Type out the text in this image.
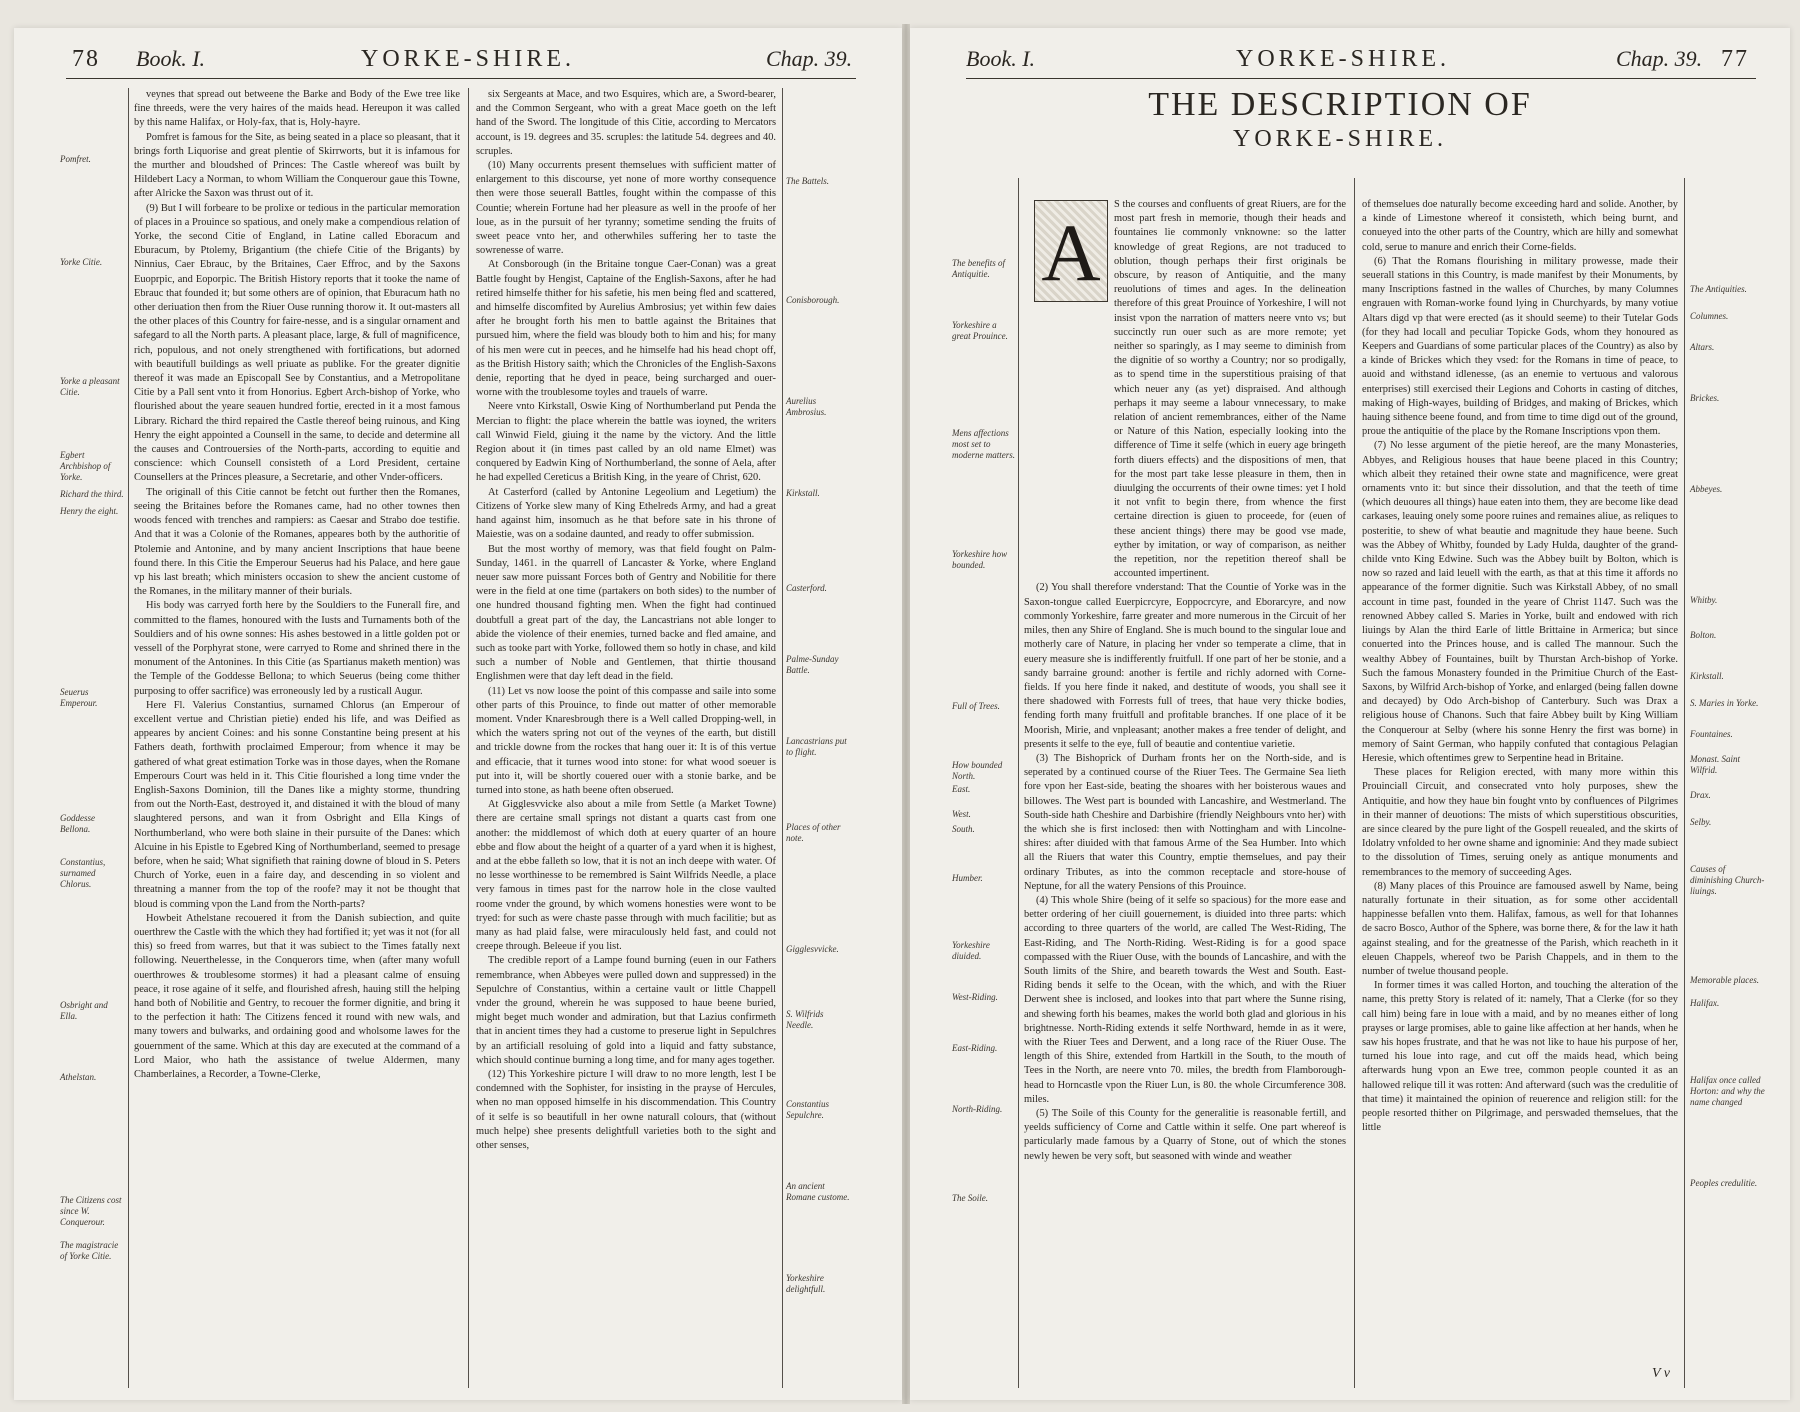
78 Book. I.	YORKE-SHIRE.	Chap. 39.
Pomfret.
Yorke Citie.
Yorke a pleasant Citie.
Egbert Archbishop of Yorke.
Richard the third.
Henry the eight.
Seuerus Emperour.
Goddesse Bellona.
Constantius, surnamed Chlorus.
Osbright and Ella.
Athelstan.
The Citizens cost since W. Conquerour.
The magistracie of Yorke Citie.

veynes that spread out betweene the Barke and Body of the Ewe tree like fine threeds, were the very haires of the maids head. Hereupon it was called by this name Halifax, or Holy-fax, that is, Holy-hayre.

Pomfret is famous for the Site, as being seated in a place so pleasant, that it brings forth Liquorise and great plentie of Skirrworts, but it is infamous for the murther and bloudshed of Princes: The Castle whereof was built by Hildebert Lacy a Norman, to whom William the Conquerour gaue this Towne, after Alricke the Saxon was thrust out of it.

(9) But I will forbeare to be prolixe or tedious in the particular memoration of places in a Prouince so spatious, and onely make a compendious relation of Yorke, the second Citie of England, in Latine called Eboracum and Eburacum, by Ptolemy, Brigantium (the chiefe Citie of the Brigants) by Ninnius, Caer Ebrauc, by the Britaines, Caer Effroc, and by the Saxons Euoprpic, and Eoporpic. The British History reports that it tooke the name of Ebrauc that founded it; but some others are of opinion, that Eburacum hath no other deriuation then from the Riuer Ouse running thorow it. It out-masters all the other places of this Country for faire-nesse, and is a singular ornament and safegard to all the North parts. A pleasant place, large, & full of magnificence, rich, populous, and not onely strengthened with fortifications, but adorned with beautifull buildings as well priuate as publike. For the greater dignitie thereof it was made an Episcopall See by Constantius, and a Metropolitane Citie by a Pall sent vnto it from Honorius. Egbert Arch-bishop of Yorke, who flourished about the yeare seauen hundred fortie, erected in it a most famous Library. Richard the third repaired the Castle thereof being ruinous, and King Henry the eight appointed a Counsell in the same, to decide and determine all the causes and Controuersies of the North-parts, according to equitie and conscience: which Counsell consisteth of a Lord President, certaine Counsellers at the Princes pleasure, a Secretarie, and other Vnder-officers.

The originall of this Citie cannot be fetcht out further then the Romanes, seeing the Britaines before the Romanes came, had no other townes then woods fenced with trenches and rampiers: as Caesar and Strabo doe testifie. And that it was a Colonie of the Romanes, appeares both by the authoritie of Ptolemie and Antonine, and by many ancient Inscriptions that haue beene found there. In this Citie the Emperour Seuerus had his Palace, and here gaue vp his last breath; which ministers occasion to shew the ancient custome of the Romanes, in the military manner of their burials.

His body was carryed forth here by the Souldiers to the Funerall fire, and committed to the flames, honoured with the Iusts and Turnaments both of the Souldiers and of his owne sonnes: His ashes bestowed in a little golden pot or vessell of the Porphyrat stone, were carryed to Rome and shrined there in the monument of the Antonines. In this Citie (as Spartianus maketh mention) was the Temple of the Goddesse Bellona; to which Seuerus (being come thither purposing to offer sacrifice) was erroneously led by a rusticall Augur.

Here Fl. Valerius Constantius, surnamed Chlorus (an Emperour of excellent vertue and Christian pietie) ended his life, and was Deified as appeares by ancient Coines: and his sonne Constantine being present at his Fathers death, forthwith proclaimed Emperour; from whence it may be gathered of what great estimation Torke was in those dayes, when the Romane Emperours Court was held in it. This Citie flourished a long time vnder the English-Saxons Dominion, till the Danes like a mighty storme, thundring from out the North-East, destroyed it, and distained it with the bloud of many slaughtered persons, and wan it from Osbright and Ella Kings of Northumberland, who were both slaine in their pursuite of the Danes: which Alcuine in his Epistle to Egebred King of Northumberland, seemed to presage before, when he said; What signifieth that raining downe of bloud in S. Peters Church of Yorke, euen in a faire day, and descending in so violent and threatning a manner from the top of the roofe? may it not be thought that bloud is comming vpon the Land from the North-parts?

Howbeit Athelstane recouered it from the Danish subiection, and quite ouerthrew the Castle with the which they had fortified it; yet was it not (for all this) so freed from warres, but that it was subiect to the Times fatally next following. Neuerthelesse, in the Conquerors time, when (after many wofull ouerthrowes & troublesome stormes) it had a pleasant calme of ensuing peace, it rose againe of it selfe, and flourished afresh, hauing still the helping hand both of Nobilitie and Gentry, to recouer the former dignitie, and bring it to the perfection it hath: The Citizens fenced it round with new wals, and many towers and bulwarks, and ordaining good and wholsome lawes for the gouernment of the same. Which at this day are executed at the command of a Lord Maior, who hath the assistance of twelue Aldermen, many Chamberlaines, a Recorder, a Towne-Clerke,

six Sergeants at Mace, and two Esquires, which are, a Sword-bearer, and the Common Sergeant, who with a great Mace goeth on the left hand of the Sword. The longitude of this Citie, according to Mercators account, is 19. degrees and 35. scruples: the latitude 54. degrees and 40. scruples.

(10) Many occurrents present themselues with sufficient matter of enlargement to this discourse, yet none of more worthy consequence then were those seuerall Battles, fought within the compasse of this Countie; wherein Fortune had her pleasure as well in the proofe of her loue, as in the pursuit of her tyranny; sometime sending the fruits of sweet peace vnto her, and otherwhiles suffering her to taste the sowrenesse of warre.

At Consborough (in the Britaine tongue Caer-Conan) was a great Battle fought by Hengist, Captaine of the English-Saxons, after he had retired himselfe thither for his safetie, his men being fled and scattered, and himselfe discomfited by Aurelius Ambrosius; yet within few daies after he brought forth his men to battle against the Britaines that pursued him, where the field was bloudy both to him and his; for many of his men were cut in peeces, and he himselfe had his head chopt off, as the British History saith; which the Chronicles of the English-Saxons denie, reporting that he dyed in peace, being surcharged and ouer-worne with the troublesome toyles and trauels of warre.

Neere vnto Kirkstall, Oswie King of Northumberland put Penda the Mercian to flight: the place wherein the battle was ioyned, the writers call Winwid Field, giuing it the name by the victory. And the little Region about it (in times past called by an old name Elmet) was conquered by Eadwin King of Northumberland, the sonne of Aela, after he had expelled Cereticus a British King, in the yeare of Christ, 620.

At Casterford (called by Antonine Legeolium and Legetium) the Citizens of Yorke slew many of King Ethelreds Army, and had a great hand against him, insomuch as he that before sate in his throne of Maiestie, was on a sodaine daunted, and ready to offer submission.

But the most worthy of memory, was that field fought on Palm-Sunday, 1461. in the quarrell of Lancaster & Yorke, where England neuer saw more puissant Forces both of Gentry and Nobilitie for there were in the field at one time (partakers on both sides) to the number of one hundred thousand fighting men. When the fight had continued doubtfull a great part of the day, the Lancastrians not able longer to abide the violence of their enemies, turned backe and fled amaine, and such as tooke part with Yorke, followed them so hotly in chase, and kild such a number of Noble and Gentlemen, that thirtie thousand Englishmen were that day left dead in the field.

(11) Let vs now loose the point of this compasse and saile into some other parts of this Prouince, to finde out matter of other memorable moment. Vnder Knaresbrough there is a Well called Dropping-well, in which the waters spring not out of the veynes of the earth, but distill and trickle downe from the rockes that hang ouer it: It is of this vertue and efficacie, that it turnes wood into stone: for what wood soeuer is put into it, will be shortly couered ouer with a stonie barke, and be turned into stone, as hath beene often obserued.

At Gigglesvvicke also about a mile from Settle (a Market Towne) there are certaine small springs not distant a quarts cast from one another: the middlemost of which doth at euery quarter of an houre ebbe and flow about the height of a quarter of a yard when it is highest, and at the ebbe falleth so low, that it is not an inch deepe with water. Of no lesse worthinesse to be remembred is Saint Wilfrids Needle, a place very famous in times past for the narrow hole in the close vaulted roome vnder the ground, by which womens honesties were wont to be tryed: for such as were chaste passe through with much facilitie; but as many as had plaid false, were miraculously held fast, and could not creepe through. Beleeue if you list.

The credible report of a Lampe found burning (euen in our Fathers remembrance, when Abbeyes were pulled down and suppressed) in the Sepulchre of Constantius, within a certaine vault or little Chappell vnder the ground, wherein he was supposed to haue beene buried, might beget much wonder and admiration, but that Lazius confirmeth that in ancient times they had a custome to preserue light in Sepulchres by an artificiall resoluing of gold into a liquid and fatty substance, which should continue burning a long time, and for many ages together.

(12) This Yorkeshire picture I will draw to no more length, lest I be condemned with the Sophister, for insisting in the prayse of Hercules, when no man opposed himselfe in his discommendation. This Country of it selfe is so beautifull in her owne naturall colours, that (without much helpe) shee presents delightfull varieties both to the sight and other senses,

The Battels.
Conisborough.
Aurelius Ambrosius.
Kirkstall.
Casterford.
Palme-Sunday Battle.
Lancastrians put to flight.
Places of other note.
Gigglesvvicke.
S. Wilfrids Needle.
Constantius Sepulchre.
An ancient Romane custome.
Yorkeshire delightfull.
Book. I.	YORKE-SHIRE.	Chap. 39. 77
THE DESCRIPTION OF
YORKE-SHIRE.
The benefits of Antiquitie.
Yorkeshire a great Prouince.
Mens affections most set to moderne matters.
Yorkeshire how bounded.
Full of Trees.
How bounded North.
East.
West.
South.
Humber.
Yorkeshire diuided.
West-Riding.
East-Riding.
North-Riding.
The Soile.
A

S the courses and confluents of great Riuers, are for the most part fresh in memorie, though their heads and fountaines lie commonly vnknowne: so the latter knowledge of great Regions, are not traduced to oblution, though perhaps their first originals be obscure, by reason of Antiquitie, and the many reuolutions of times and ages. In the delineation therefore of this great Prouince of Yorkeshire, I will not insist vpon the narration of matters neere vnto vs; but succinctly run ouer such as are more remote; yet neither so sparingly, as I may seeme to diminish from the dignitie of so worthy a Country; nor so prodigally, as to spend time in the superstitious praising of that which neuer any (as yet) dispraised. And although perhaps it may seeme a labour vnnecessary, to make relation of ancient remembrances, either of the Name or Nature of this Nation, especially looking into the difference of Time it selfe (which in euery age bringeth forth diuers effects) and the dispositions of men, that for the most part take lesse pleasure in them, then in diuulging the occurrents of their owne times: yet I hold it not vnfit to begin there, from whence the first certaine direction is giuen to proceede, for (euen of these ancient things) there may be good vse made, eyther by imitation, or way of comparison, as neither the repetition, nor the repetition thereof shall be accounted impertinent.

(2) You shall therefore vnderstand: That the Countie of Yorke was in the Saxon-tongue called Euerpicrcyre, Eoppocrcyre, and Eborarcyre, and now commonly Yorkeshire, farre greater and more numerous in the Circuit of her miles, then any Shire of England. She is much bound to the singular loue and motherly care of Nature, in placing her vnder so temperate a clime, that in euery measure she is indifferently fruitfull. If one part of her be stonie, and a sandy barraine ground: another is fertile and richly adorned with Corne-fields. If you here finde it naked, and destitute of woods, you shall see it there shadowed with Forrests full of trees, that haue very thicke bodies, fending forth many fruitfull and profitable branches. If one place of it be Moorish, Mirie, and vnpleasant; another makes a free tender of delight, and presents it selfe to the eye, full of beautie and contentiue varietie.

(3) The Bishoprick of Durham fronts her on the North-side, and is seperated by a continued course of the Riuer Tees. The Germaine Sea lieth fore vpon her East-side, beating the shoares with her boisterous waues and billowes. The West part is bounded with Lancashire, and Westmerland. The South-side hath Cheshire and Darbishire (friendly Neighbours vnto her) with the which she is first inclosed: then with Nottingham and with Lincolne-shires: after diuided with that famous Arme of the Sea Humber. Into which all the Riuers that water this Country, emptie themselues, and pay their ordinary Tributes, as into the common receptacle and store-house of Neptune, for all the watery Pensions of this Prouince.

(4) This whole Shire (being of it selfe so spacious) for the more ease and better ordering of her ciuill gouernement, is diuided into three parts: which according to three quarters of the world, are called The West-Riding, The East-Riding, and The North-Riding. West-Riding is for a good space compassed with the Riuer Ouse, with the bounds of Lancashire, and with the South limits of the Shire, and beareth towards the West and South. East-Riding bends it selfe to the Ocean, with the which, and with the Riuer Derwent shee is inclosed, and lookes into that part where the Sunne rising, and shewing forth his beames, makes the world both glad and glorious in his brightnesse. North-Riding extends it selfe Northward, hemde in as it were, with the Riuer Tees and Derwent, and a long race of the Riuer Ouse. The length of this Shire, extended from Hartkill in the South, to the mouth of Tees in the North, are neere vnto 70. miles, the bredth from Flamborough-head to Horncastle vpon the Riuer Lun, is 80. the whole Circumference 308. miles.

(5) The Soile of this County for the generalitie is reasonable fertill, and yeelds sufficiency of Corne and Cattle within it selfe. One part whereof is particularly made famous by a Quarry of Stone, out of which the stones newly hewen be very soft, but seasoned with winde and weather

of themselues doe naturally become exceeding hard and solide. Another, by a kinde of Limestone whereof it consisteth, which being burnt, and conueyed into the other parts of the Country, which are hilly and somewhat cold, serue to manure and enrich their Corne-fields.

(6) That the Romans flourishing in military prowesse, made their seuerall stations in this Country, is made manifest by their Monuments, by many Inscriptions fastned in the walles of Churches, by many Columnes engrauen with Roman-worke found lying in Churchyards, by many votiue Altars digd vp that were erected (as it should seeme) to their Tutelar Gods (for they had locall and peculiar Topicke Gods, whom they honoured as Keepers and Guardians of some particular places of the Country) as also by a kinde of Brickes which they vsed: for the Romans in time of peace, to auoid and withstand idlenesse, (as an enemie to vertuous and valorous enterprises) still exercised their Legions and Cohorts in casting of ditches, making of High-wayes, building of Bridges, and making of Brickes, which hauing sithence beene found, and from time to time digd out of the ground, proue the antiquitie of the place by the Romane Inscriptions vpon them.

(7) No lesse argument of the pietie hereof, are the many Monasteries, Abbyes, and Religious houses that haue beene placed in this Country; which albeit they retained their owne state and magnificence, were great ornaments vnto it: but since their dissolution, and that the teeth of time (which deuoures all things) haue eaten into them, they are become like dead carkases, leauing onely some poore ruines and remaines aliue, as reliques to posteritie, to shew of what beautie and magnitude they haue beene. Such was the Abbey of Whitby, founded by Lady Hulda, daughter of the grand-childe vnto King Edwine. Such was the Abbey built by Bolton, which is now so razed and laid leuell with the earth, as that at this time it affords no appearance of the former dignitie. Such was Kirkstall Abbey, of no small account in time past, founded in the yeare of Christ 1147. Such was the renowned Abbey called S. Maries in Yorke, built and endowed with rich liuings by Alan the third Earle of little Brittaine in Armerica; but since conuerted into the Princes house, and is called The mannour. Such the wealthy Abbey of Fountaines, built by Thurstan Arch-bishop of Yorke. Such the famous Monastery founded in the Primitiue Church of the East-Saxons, by Wilfrid Arch-bishop of Yorke, and enlarged (being fallen downe and decayed) by Odo Arch-bishop of Canterbury. Such was Drax a religious house of Chanons. Such that faire Abbey built by King William the Conquerour at Selby (where his sonne Henry the first was borne) in memory of Saint German, who happily confuted that contagious Pelagian Heresie, which oftentimes grew to Serpentine head in Britaine.

These places for Religion erected, with many more within this Prouinciall Circuit, and consecrated vnto holy purposes, shew the Antiquitie, and how they haue bin fought vnto by confluences of Pilgrimes in their manner of deuotions: The mists of which superstitious obscurities, are since cleared by the pure light of the Gospell reuealed, and the skirts of Idolatry vnfolded to her owne shame and ignominie: And they made subiect to the dissolution of Times, seruing onely as antique monuments and remembrances to the memory of succeeding Ages.

(8) Many places of this Prouince are famoused aswell by Name, being naturally fortunate in their situation, as for some other accidentall happinesse befallen vnto them. Halifax, famous, as well for that Iohannes de sacro Bosco, Author of the Sphere, was borne there, & for the law it hath against stealing, and for the greatnesse of the Parish, which reacheth in it eleuen Chappels, whereof two be Parish Chappels, and in them to the number of twelue thousand people.

In former times it was called Horton, and touching the alteration of the name, this pretty Story is related of it: namely, That a Clerke (for so they call him) being fare in loue with a maid, and by no meanes either of long prayses or large promises, able to gaine like affection at her hands, when he saw his hopes frustrate, and that he was not like to haue his purpose of her, turned his loue into rage, and cut off the maids head, which being afterwards hung vpon an Ewe tree, common people counted it as an hallowed relique till it was rotten: And afterward (such was the credulitie of that time) it maintained the opinion of reuerence and religion still: for the people resorted thither on Pilgrimage, and perswaded themselues, that the little

The Antiquities.
Columnes.
Altars.
Brickes.
Abbeyes.
Whitby.
Bolton.
Kirkstall.
S. Maries in Yorke.
Fountaines.
Monast. Saint Wilfrid.
Drax.
Selby.
Causes of diminishing Church-liuings.
Memorable places.
Halifax.
Halifax once called Horton: and why the name changed
Peoples credulitie.
V v
